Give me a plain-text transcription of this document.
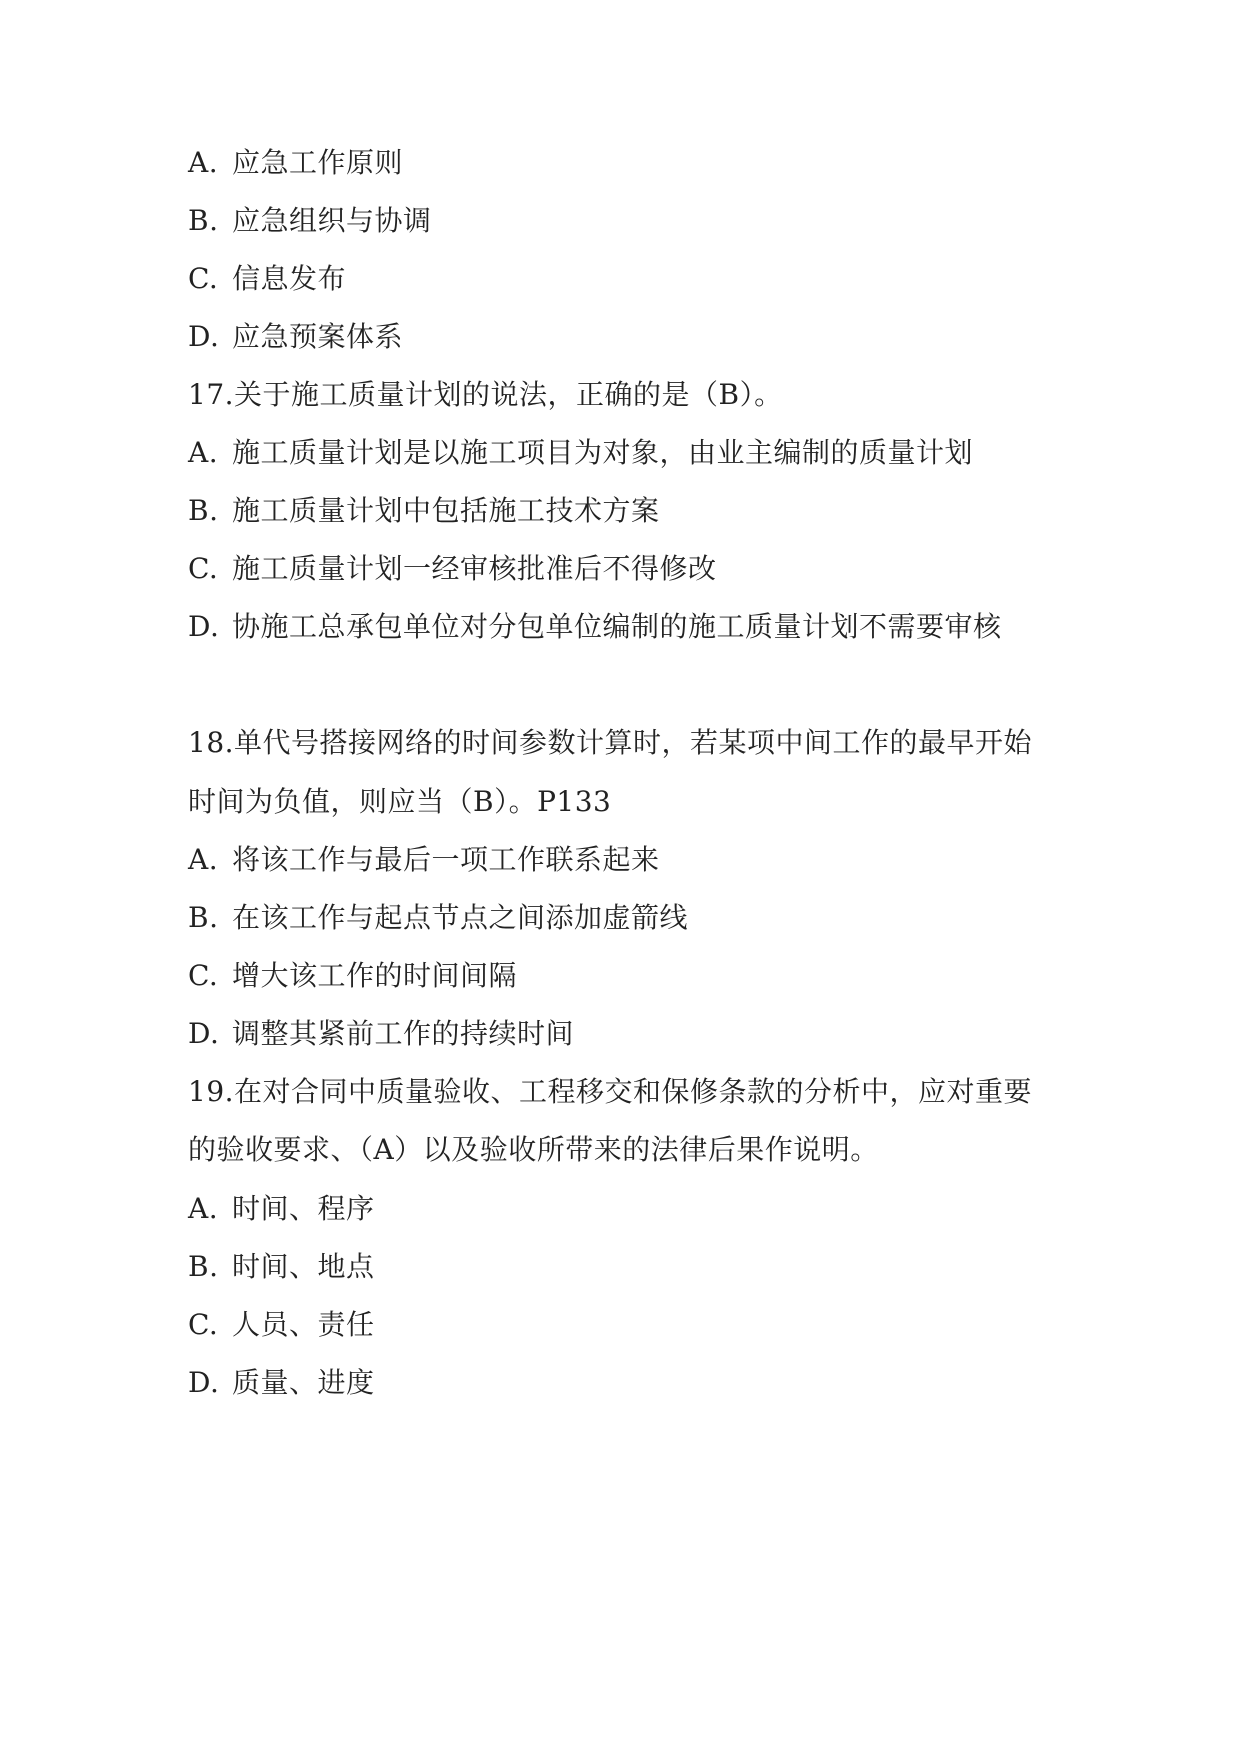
A. 应急工作原则
B. 应急组织与协调
C. 信息发布
D. 应急预案体系
17.关于施工质量计划的说法，正确的是（B）。
A. 施工质量计划是以施工项目为对象，由业主编制的质量计划
B. 施工质量计划中包括施工技术方案
C. 施工质量计划一经审核批准后不得修改
D. 协施工总承包单位对分包单位编制的施工质量计划不需要审核
18.单代号搭接网络的时间参数计算时，若某项中间工作的最早开始
时间为负值，则应当（B）。P133
A. 将该工作与最后一项工作联系起来
B. 在该工作与起点节点之间添加虚箭线
C. 增大该工作的时间间隔
D. 调整其紧前工作的持续时间
19.在对合同中质量验收、工程移交和保修条款的分析中，应对重要
的验收要求、（A）以及验收所带来的法律后果作说明。
A. 时间、程序
B. 时间、地点
C. 人员、责任
D. 质量、进度
